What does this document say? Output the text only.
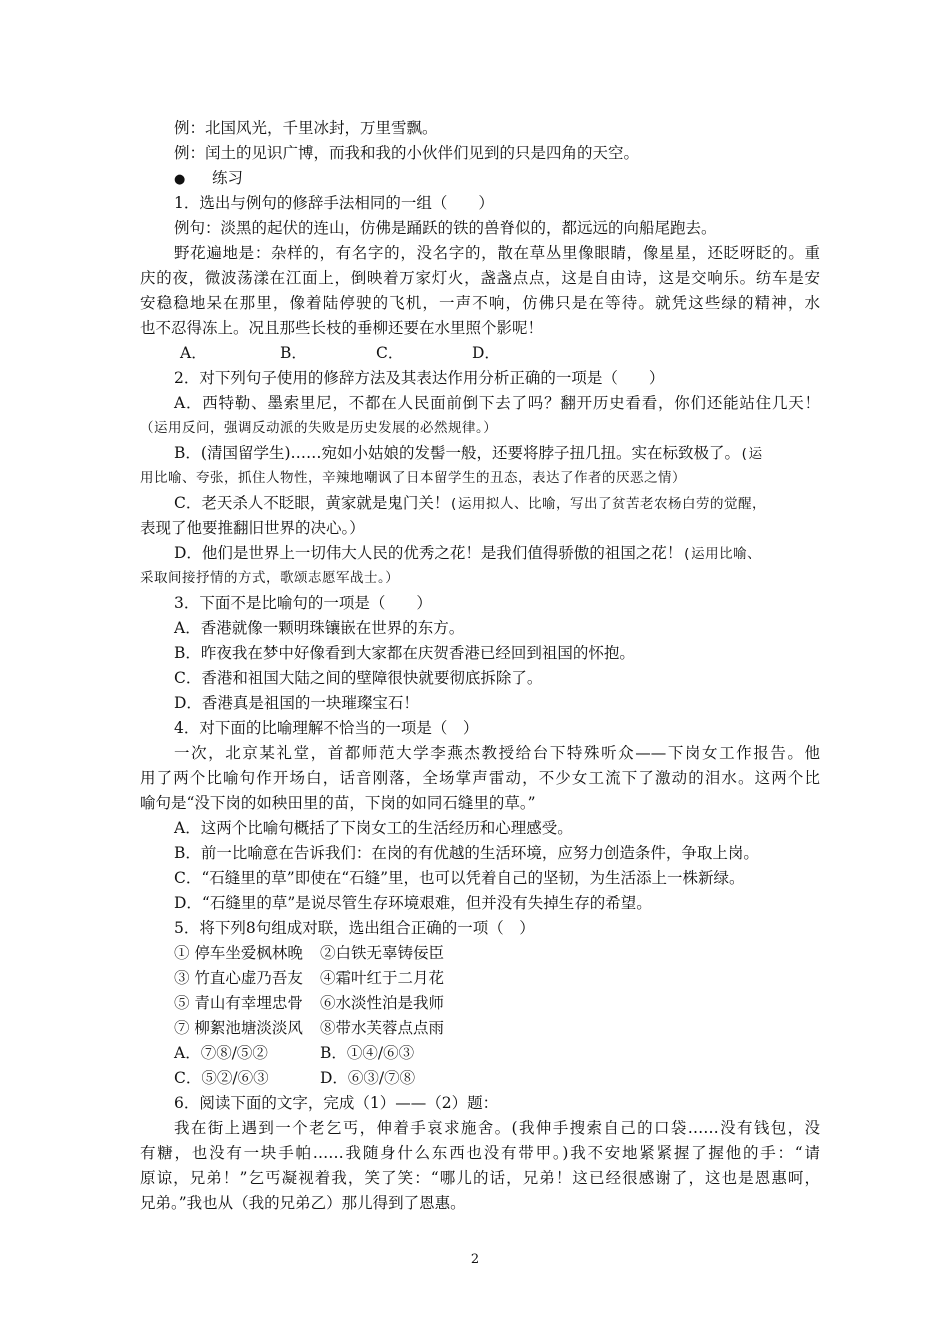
例：北国风光，千里冰封，万里雪飘。
例：闰土的见识广博，而我和我的小伙伴们见到的只是四角的天空。
● 练习
1．选出与例句的修辞手法相同的一组（　　）
例句：淡黑的起伏的连山，仿佛是踊跃的铁的兽脊似的，都远远的向船尾跑去。
野花遍地是：杂样的，有名字的，没名字的，散在草丛里像眼睛，像星星，还眨呀眨的。重
庆的夜，微波荡漾在江面上，倒映着万家灯火，盏盏点点，这是自由诗，这是交响乐。纺车是安
安稳稳地呆在那里，像着陆停驶的飞机，一声不响，仿佛只是在等待。就凭这些绿的精神，水
也不忍得冻上。况且那些长枝的垂柳还要在水里照个影呢！
A．	B．	C．	D．
2．对下列句子使用的修辞方法及其表达作用分析正确的一项是（　　）
A．西特勒、墨索里尼，不都在人民面前倒下去了吗？翻开历史看看，你们还能站住几天！
（运用反问，强调反动派的失败是历史发展的必然规律。）
B．(清国留学生)……宛如小姑娘的发髻一般，还要将脖子扭几扭。实在标致极了。(运
用比喻、夸张，抓住人物性，辛辣地嘲讽了日本留学生的丑态，表达了作者的厌恶之情）
C．老天杀人不眨眼，黄家就是鬼门关！(运用拟人、比喻，写出了贫苦老农杨白劳的觉醒，
表现了他要推翻旧世界的决心。）
D．他们是世界上一切伟大人民的优秀之花！是我们值得骄傲的祖国之花！(运用比喻、
采取间接抒情的方式，歌颂志愿军战士。）
3．下面不是比喻句的一项是（　　）
A．香港就像一颗明珠镶嵌在世界的东方。
B．昨夜我在梦中好像看到大家都在庆贺香港已经回到祖国的怀抱。
C．香港和祖国大陆之间的壁障很快就要彻底拆除了。
D．香港真是祖国的一块璀璨宝石！
4．对下面的比喻理解不恰当的一项是（　）
一次，北京某礼堂，首都师范大学李燕杰教授给台下特殊听众——下岗女工作报告。他
用了两个比喻句作开场白，话音刚落，全场掌声雷动，不少女工流下了激动的泪水。这两个比
喻句是“没下岗的如秧田里的苗，下岗的如同石缝里的草。”
A．这两个比喻句概括了下岗女工的生活经历和心理感受。
B．前一比喻意在告诉我们：在岗的有优越的生活环境，应努力创造条件，争取上岗。
C．“石缝里的草”即使在“石缝”里，也可以凭着自己的坚韧，为生活添上一株新绿。
D．“石缝里的草”是说尽管生存环境艰难，但并没有失掉生存的希望。
5．将下列8句组成对联，选出组合正确的一项（　）
① 停车坐爱枫林晚 ②白铁无辜铸佞臣
③ 竹直心虚乃吾友 ④霜叶红于二月花
⑤ 青山有幸埋忠骨 ⑥水淡性泊是我师
⑦ 柳絮池塘淡淡风 ⑧带水芙蓉点点雨
A．⑦⑧/⑤②	B．①④/⑥③
C．⑤②/⑥③	D．⑥③/⑦⑧
6．阅读下面的文字，完成（1）——（2）题：
我在街上遇到一个老乞丐，伸着手哀求施舍。(我伸手搜索自己的口袋……没有钱包，没
有糖，也没有一块手帕……我随身什么东西也没有带甲。)我不安地紧紧握了握他的手：“请
原谅，兄弟！”乞丐凝视着我，笑了笑：“哪儿的话，兄弟！这已经很感谢了，这也是恩惠呵，
兄弟。”我也从（我的兄弟乙）那儿得到了恩惠。
2
